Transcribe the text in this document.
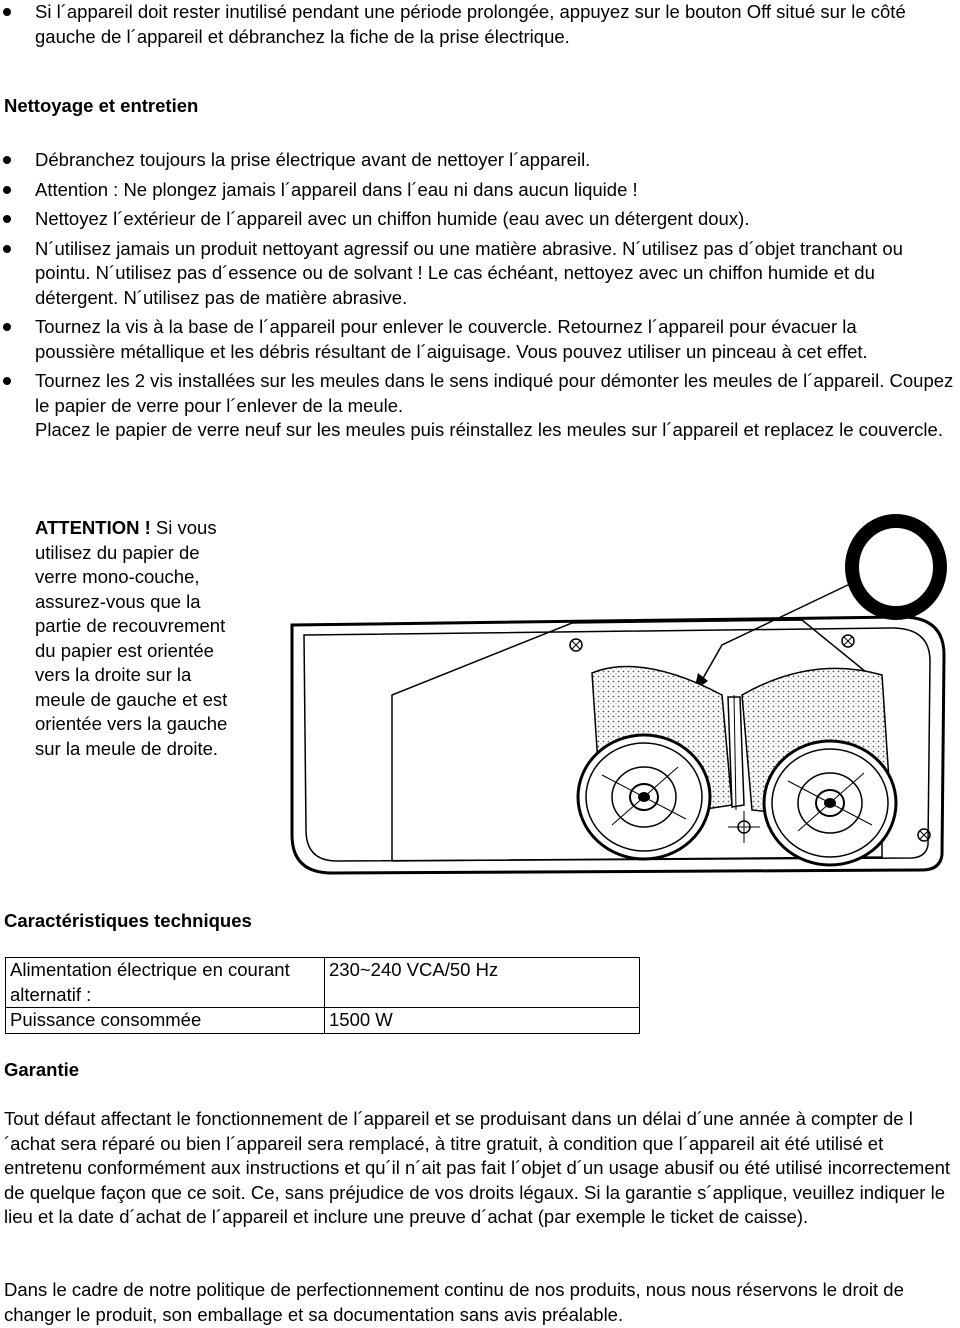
Si l´appareil doit rester inutilisé pendant une période prolongée, appuyez sur le bouton Off situé sur le côté gauche de l´appareil et débranchez la fiche de la prise électrique.
Nettoyage et entretien
Débranchez toujours la prise électrique avant de nettoyer l´appareil.
Attention : Ne plongez jamais l´appareil dans l´eau ni dans aucun liquide !
Nettoyez l´extérieur de l´appareil avec un chiffon humide (eau avec un détergent doux).
N´utilisez jamais un produit nettoyant agressif ou une matière abrasive. N´utilisez pas d´objet tranchant ou pointu. N´utilisez pas d´essence ou de solvant ! Le cas échéant, nettoyez avec un chiffon humide et du détergent. N´utilisez pas de matière abrasive.
Tournez la vis à la base de l´appareil pour enlever le couvercle. Retournez l´appareil pour évacuer la poussière métallique et les débris résultant de l´aiguisage. Vous pouvez utiliser un pinceau à cet effet.
Tournez les 2 vis installées sur les meules dans le sens indiqué pour démonter les meules de l´appareil. Coupez le papier de verre pour l´enlever de la meule.
Placez le papier de verre neuf sur les meules puis réinstallez les meules sur l´appareil et replacez le couvercle.
ATTENTION ! Si vous utilisez du papier de verre mono-couche, assurez-vous que la partie de recouvrement du papier est orientée vers la droite sur la meule de gauche et est orientée vers la gauche sur la meule de droite.
Caractéristiques techniques
Alimentation électrique en courant alternatif :	230~240 VCA/50 Hz
Puissance consommée	1500 W
Garantie

Tout défaut affectant le fonctionnement de l´appareil et se produisant dans un délai d´une année à compter de l´achat sera réparé ou bien l´appareil sera remplacé, à titre gratuit, à condition que l´appareil ait été utilisé et entretenu conformément aux instructions et qu´il n´ait pas fait l´objet d´un usage abusif ou été utilisé incorrectement de quelque façon que ce soit. Ce, sans préjudice de vos droits légaux. Si la garantie s´applique, veuillez indiquer le lieu et la date d´achat de l´appareil et inclure une preuve d´achat (par exemple le ticket de caisse).

Dans le cadre de notre politique de perfectionnement continu de nos produits, nous nous réservons le droit de changer le produit, son emballage et sa documentation sans avis préalable.
